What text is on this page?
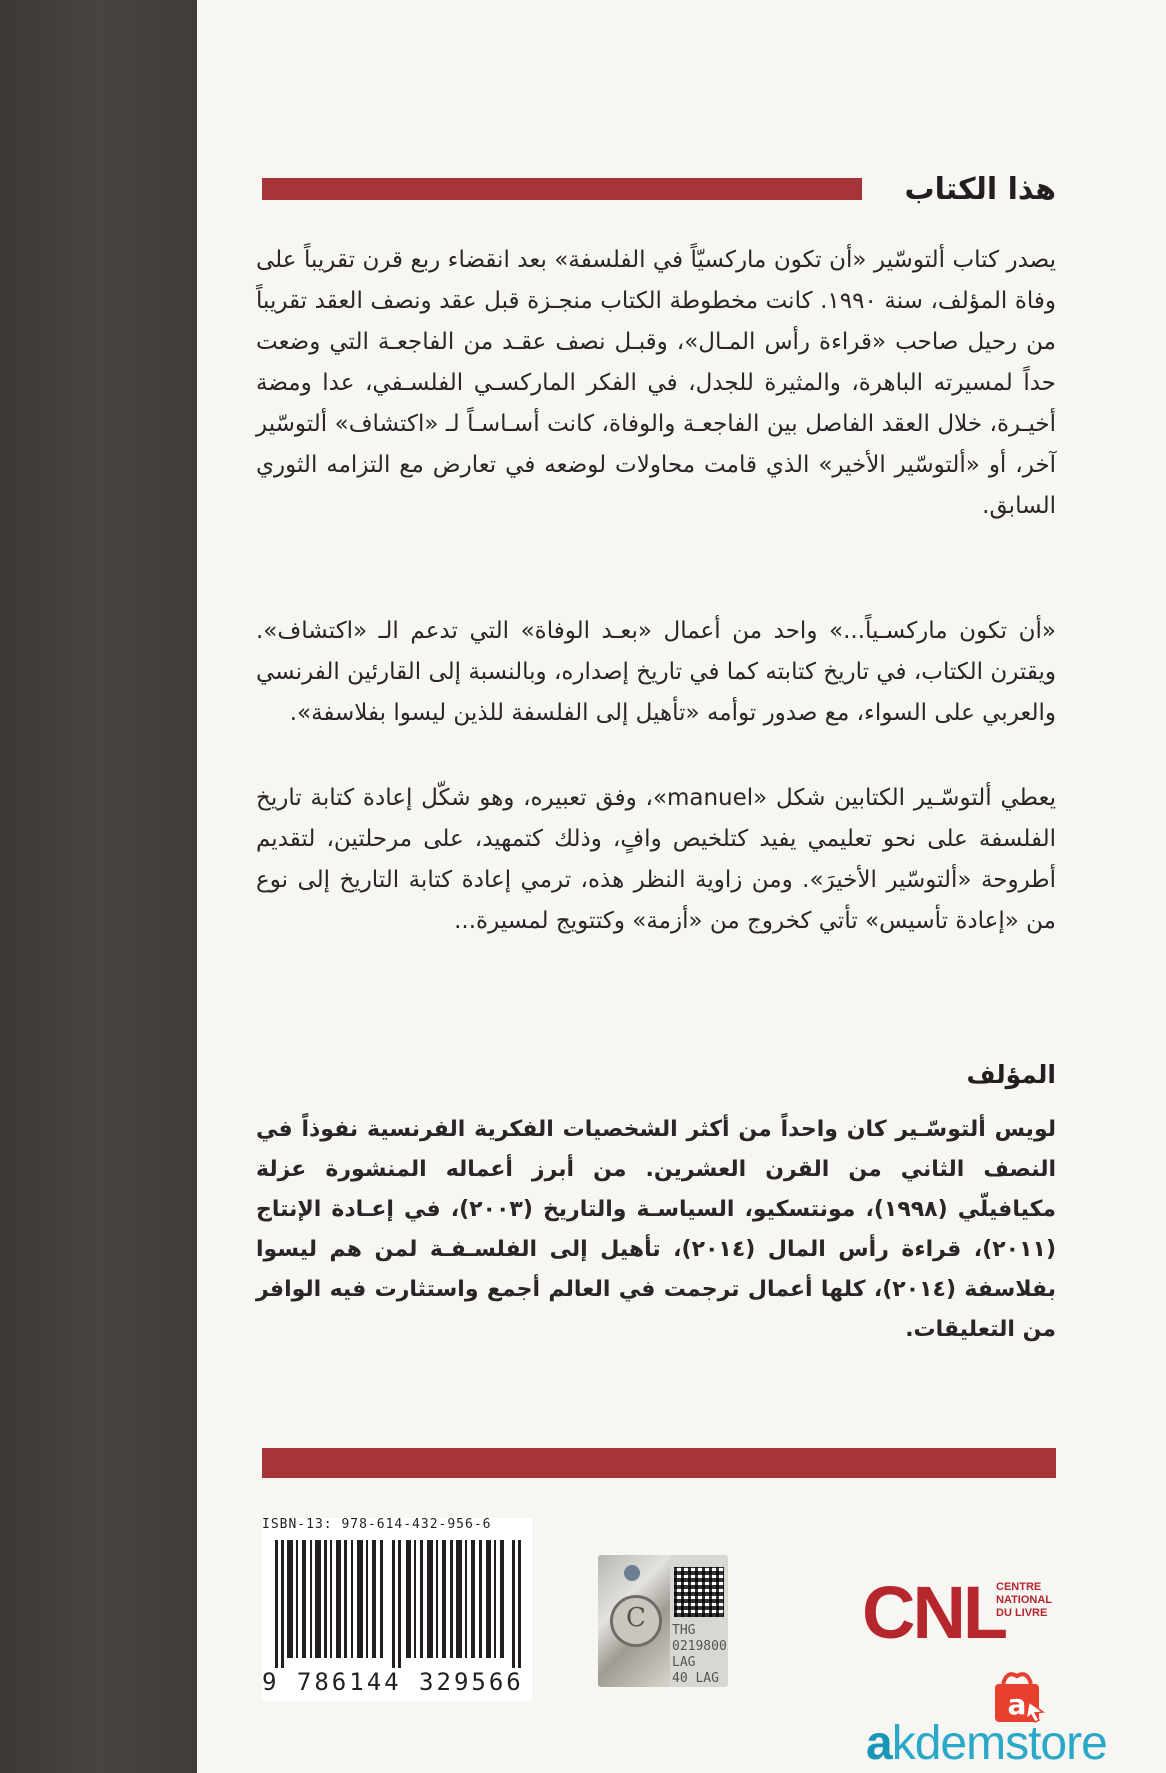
هذا الكتاب
يصدر كتاب ألتوسّير «أن تكون ماركسيّاً في الفلسفة» بعد انقضاء ربع قرن تقريباً على وفاة المؤلف، سنة ١٩٩٠. كانت مخطوطة الكتاب منجـزة قبل عقد ونصف العقد تقريباً من رحيل صاحب «قراءة رأس المـال»، وقبـل نصف عقـد من الفاجعـة التي وضعت حداً لمسيرته الباهرة، والمثيرة للجدل، في الفكر الماركسـي الفلسـفي، عدا ومضة أخيـرة، خلال العقد الفاصل بين الفاجعـة والوفاة، كانت أسـاسـاً لـ «اكتشاف» ألتوسّير آخر، أو «ألتوسّير الأخير» الذي قامت محاولات لوضعه في تعارض مع التزامه الثوري السابق.
«أن تكون ماركسـياً...» واحد من أعمال «بعـد الوفاة» التي تدعم الـ «اكتشاف». ويقترن الكتاب، في تاريخ كتابته كما في تاريخ إصداره، وبالنسبة إلى القارئين الفرنسي والعربي على السواء، مع صدور توأمه «تأهيل إلى الفلسفة للذين ليسوا بفلاسفة».
يعطي ألتوسّـير الكتابين شكل «manuel»، وفق تعبيره، وهو شكّل إعادة كتابة تاريخ الفلسفة على نحو تعليمي يفيد كتلخيص وافٍ، وذلك كتمهيد، على مرحلتين، لتقديم أطروحة «ألتوسّير الأخيرَ». ومن زاوية النظر هذه، ترمي إعادة كتابة التاريخ إلى نوع من «إعادة تأسيس» تأتي كخروج من «أزمة» وكتتويج لمسيرة...
المؤلف
لويس ألتوسّـير كان واحداً من أكثر الشخصيات الفكرية الفرنسية نفوذاً في النصف الثاني من القرن العشرين. من أبرز أعماله المنشورة عزلة مكيافيلّي (١٩٩٨)، مونتسكيو، السياسـة والتاريخ (٢٠٠٣)، في إعـادة الإنتاج (٢٠١١)، قراءة رأس المال (٢٠١٤)، تأهيل إلى الفلسـفـة لمن هم ليسوا بفلاسفة (٢٠١٤)، كلها أعمال ترجمت في العالم أجمع واستثارت فيه الوافر من التعليقات.
ISBN-13: 978-614-432-956-6
9 786144 329566
C	THG
0219800
LAG
40 LAG
CNL
CENTRE
NATIONAL
DU LIVRE
a
akdemstore
